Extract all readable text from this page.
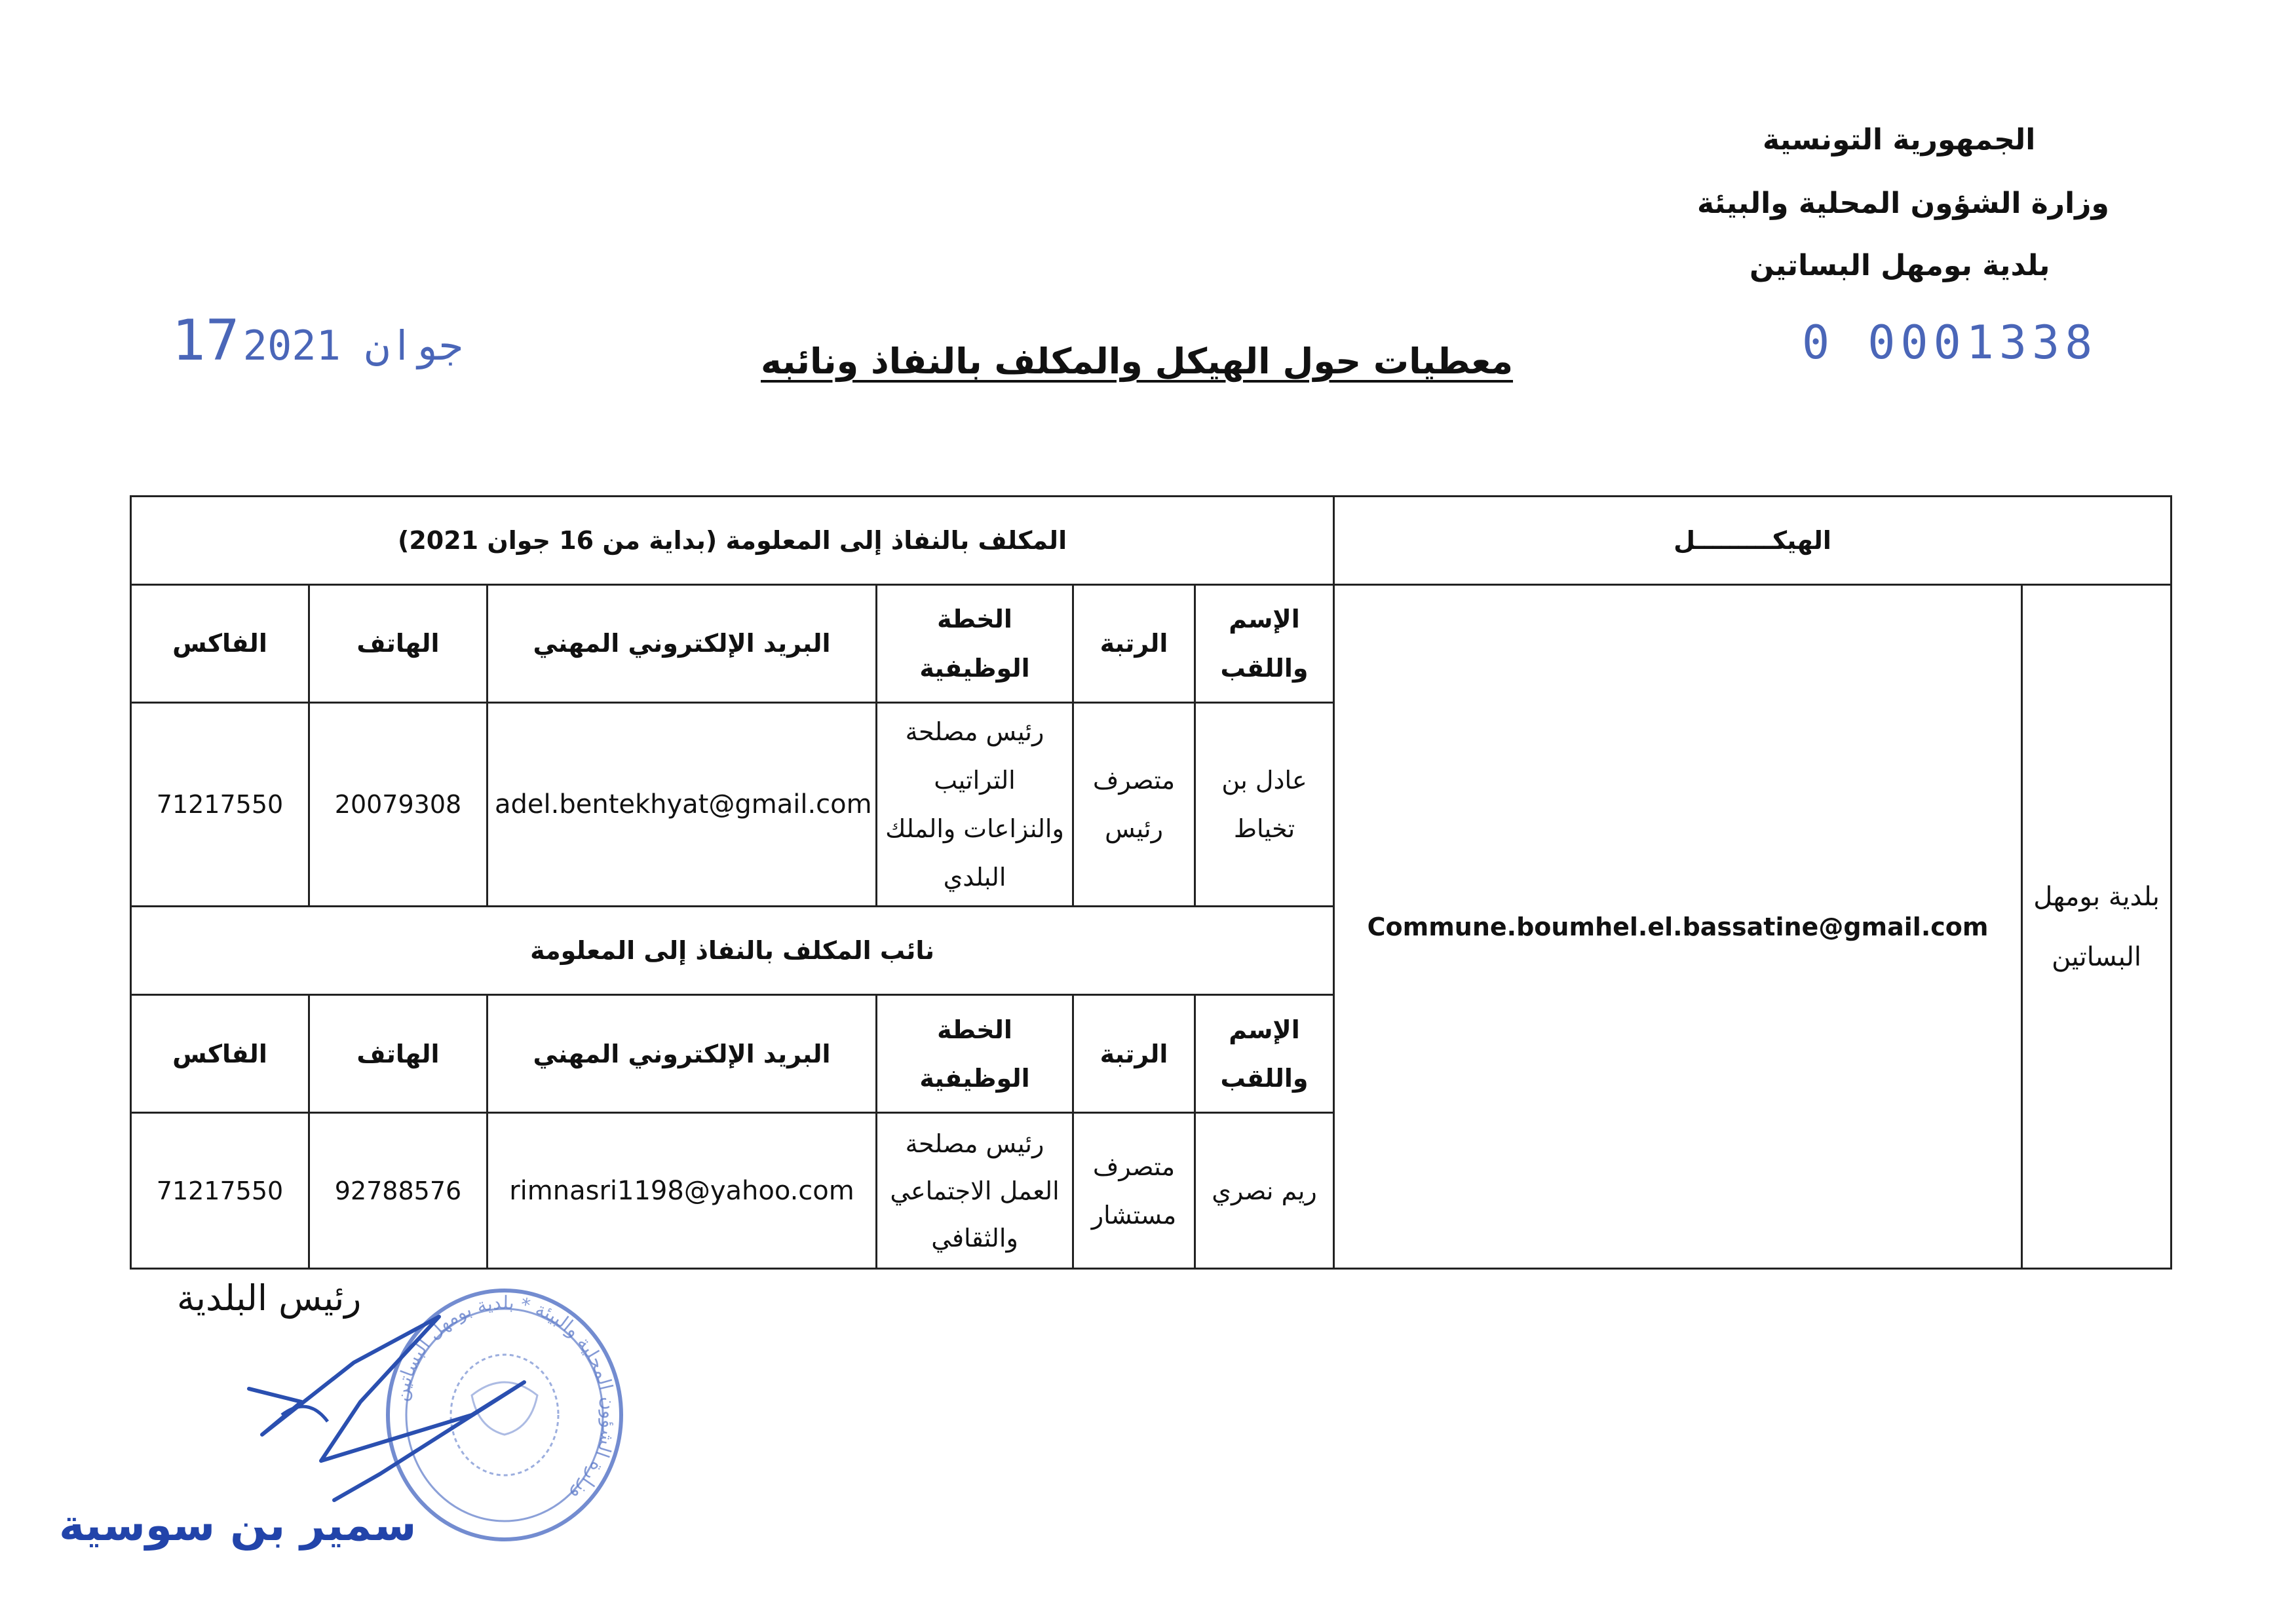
الجمهورية التونسية
وزارة الشؤون المحلية والبيئة
بلدية بومهل البساتين
0 0001338
17 جوان 2021	معطيات حول الهيكل والمكلف بالنفاذ ونائبه
المكلف بالنفاذ إلى المعلومة (بداية من 16 جوان 2021)						الهيكـــــــــل	
الفاكس	الهاتف	البريد الإلكتروني المهني	الخطة الوظيفية	الرتبة	الإسم واللقب	Commune.boumhel.el.bassatine@gmail.com	بلدية بومهل البساتين
71217550	20079308	adel.bentekhyat@gmail.com	رئيس مصلحة التراتيب والنزاعات والملك البلدي	متصرف رئيس	عادل بن تخياط		
نائب المكلف بالنفاذ إلى المعلومة							
الفاكس	الهاتف	البريد الإلكتروني المهني	الخطة الوظيفية	الرتبة	الإسم واللقب		
71217550	92788576	rimnasri1198@yahoo.com	رئيس مصلحة العمل الاجتماعي والثقافي	متصرف مستشار	ريم نصري		
رئيس البلدية
وزارة الشؤون المحلية والبيئة * بلدية بومهل البساتين
سمير بن سوسية
